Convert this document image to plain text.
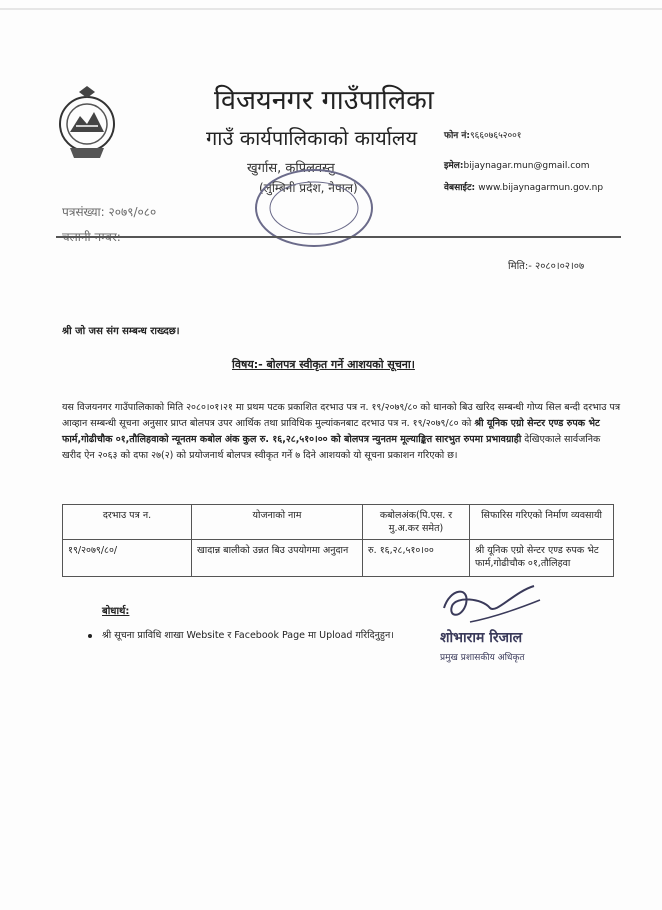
विजयनगर गाउँपालिका
गाउँ कार्यपालिकाको कार्यालय
खुर्गास, कपिलवस्तु
(लुम्बिनी प्रदेश, नेपाल)
फोन नं:९६६०७६५२००१
इमेल:bijaynagar.mun@gmail.com
वेबसाईट: www.bijaynagarmun.gov.np
पत्रसंख्या: २०७९/०८०
मिति:- २०८०।०२।०७
श्री जो जस संग सम्बन्ध राख्दछ।
विषय:- बोलपत्र स्वीकृत गर्ने आशयको सूचना।
यस विजयनगर गाउँपालिकाको मिति २०८०।०१।२१ मा प्रथम पटक प्रकाशित दरभाउ पत्र न. १९/२०७९/८० को धानको बिउ खरिद सम्बन्धी गोप्य सिल बन्दी दरभाउ पत्र आव्हान सम्बन्धी सूचना अनुसार प्राप्त बोलपत्र उपर आर्थिक तथा प्राविधिक मुल्यांकनबाट दरभाउ पत्र न. १९/२०७९/८० को श्री यूनिक एग्रो सेन्टर एण्ड रुपक भेट फार्म,गोढीचौक ०१,तौलिहवाको न्यूनतम कबोल अंक कुल रु. १६,२८,५१०।०० को बोलपत्र न्युनतम मूल्याङ्कित सारभुत रुपमा प्रभावग्राही देखिएकाले सार्वजनिक खरीद ऐन २०६३ को दफा २७(२) को प्रयोजनार्थ बोलपत्र स्वीकृत गर्ने ७ दिने आशयको यो सूचना प्रकाशन गरिएको छ।
दरभाउ पत्र न.	योजनाको नाम	कबोलअंक(पि.एस. र मु.अ.कर समेत)	सिफारिस गरिएको निर्माण व्यवसायी
१९/२०७९/८०/	खादान्न बालीको उन्नत बिउ उपयोगमा अनुदान	रु. १६,२८,५१०।००	श्री यूनिक एग्रो सेन्टर एण्ड रुपक भेट फार्म,गोढीचौक ०१,तौलिहवा
बोधार्थ:
श्री सूचना प्राविधि शाखा Website र Facebook Page मा Upload गरिदिनुहुन।	शोभाराम रिजाल
प्रमुख प्रशासकीय अधिकृत
